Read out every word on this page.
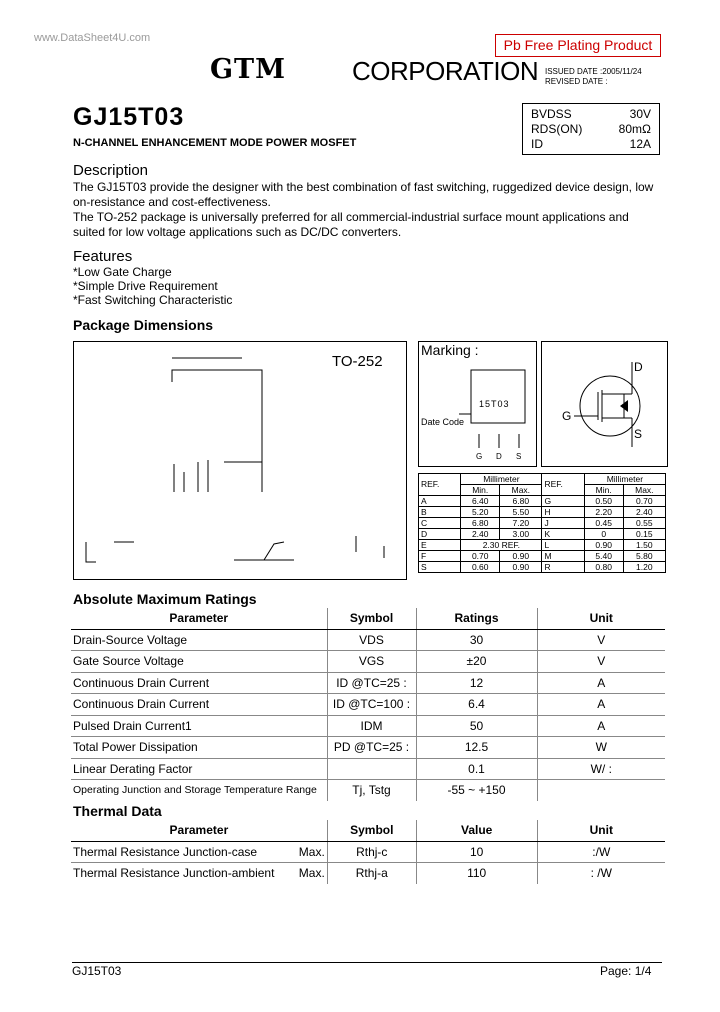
www.DataSheet4U.com	Pb Free Plating Product
GTM	CORPORATION ISSUED DATE :2005/11/24
REVISED DATE :
GJ15T03
N-CHANNEL ENHANCEMENT MODE POWER MOSFET
BVDSS	30V
RDS(ON)	80mΩ
ID	12A
Description
The GJ15T03 provide the designer with the best combination of fast switching, ruggedized device design, low
on-resistance and cost-effectiveness.
The TO-252 package is universally preferred for all commercial-industrial surface mount applications and
suited for low voltage applications such as DC/DC converters.
Features
*Low Gate Charge
*Simple Drive Requirement
*Fast Switching Characteristic
Package Dimensions
TO-252
Marking :
15T03
Date Code
G D S
D
G
S
REF.	Millimeter		REF.	Millimeter	
	Min.	Max.		Min.	Max.
A	6.40	6.80	G	0.50	0.70
B	5.20	5.50	H	2.20	2.40
C	6.80	7.20	J	0.45	0.55
D	2.40	3.00	K	0	0.15
E	2.30 REF.		L	0.90	1.50
F	0.70	0.90	M	5.40	5.80
S	0.60	0.90	R	0.80	1.20
Absolute Maximum Ratings
Parameter	Symbol	Ratings	Unit
Drain-Source Voltage	VDS	30	V
Gate Source Voltage	VGS	±20	V
Continuous Drain Current	ID @TC=25 :	12	A
Continuous Drain Current	ID @TC=100 :	6.4	A
Pulsed Drain Current1	IDM	50	A
Total Power Dissipation	PD @TC=25 :	12.5	W
Linear Derating Factor		0.1	W/ :
Operating Junction and Storage Temperature Range	Tj, Tstg	-55 ~ +150	
Thermal Data
Parameter		Symbol	Value	Unit
Thermal Resistance Junction-case	Max.	Rthj-c	10	:/W
Thermal Resistance Junction-ambient	Max.	Rthj-a	110	: /W
GJ15T03	Page: 1/4
